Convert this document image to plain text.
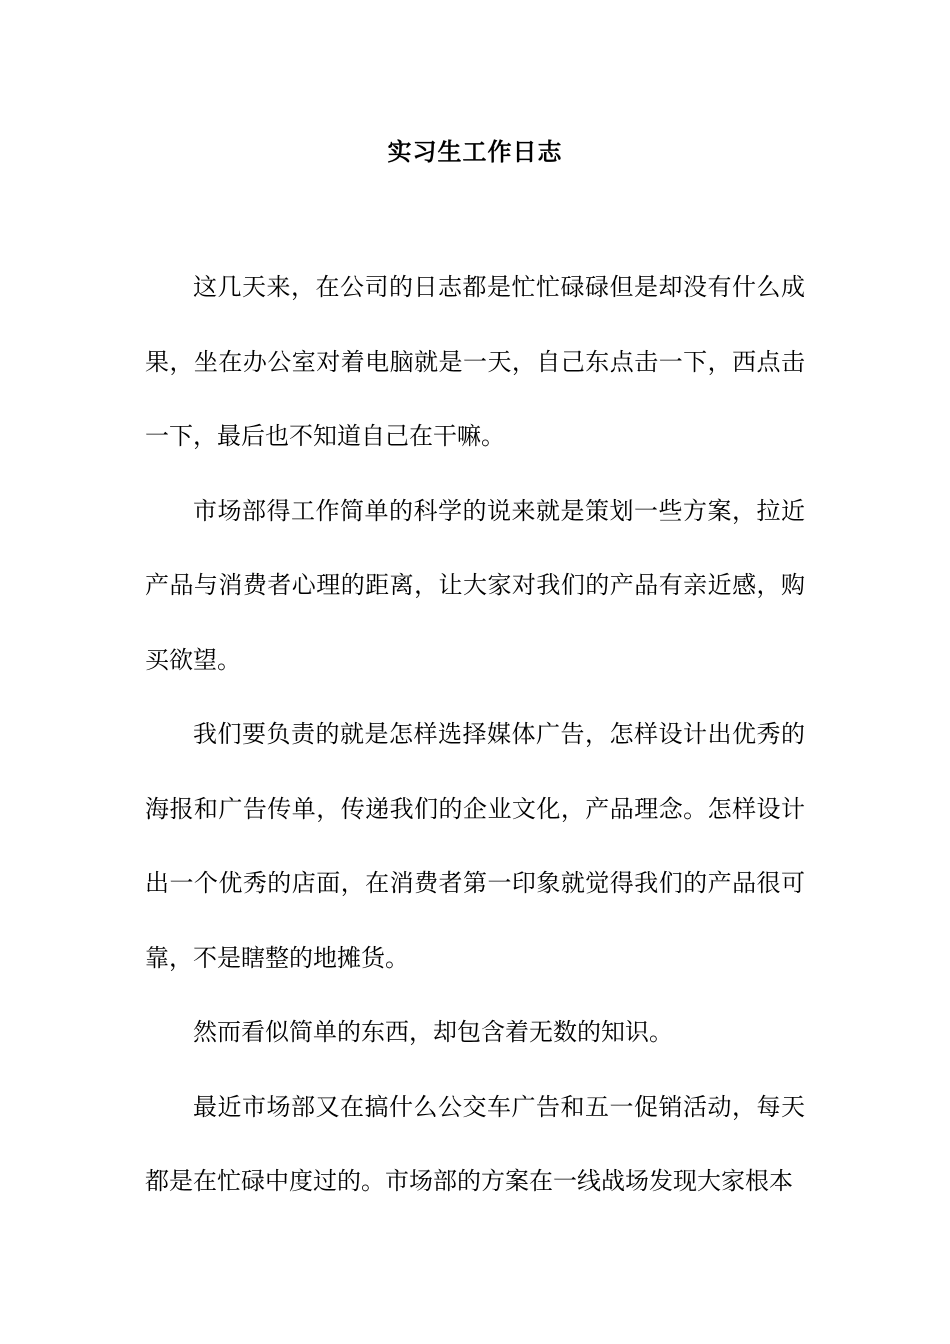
实习生工作日志

这几天来，在公司的日志都是忙忙碌碌但是却没有什么成果，坐在办公室对着电脑就是一天，自己东点击一下，西点击一下，最后也不知道自己在干嘛。

市场部得工作简单的科学的说来就是策划一些方案，拉近产品与消费者心理的距离，让大家对我们的产品有亲近感，购买欲望。

我们要负责的就是怎样选择媒体广告，怎样设计出优秀的海报和广告传单，传递我们的企业文化，产品理念。怎样设计出一个优秀的店面，在消费者第一印象就觉得我们的产品很可靠，不是瞎整的地摊货。

然而看似简单的东西，却包含着无数的知识。

最近市场部又在搞什么公交车广告和五一促销活动，每天都是在忙碌中度过的。市场部的方案在一线战场发现大家根本
